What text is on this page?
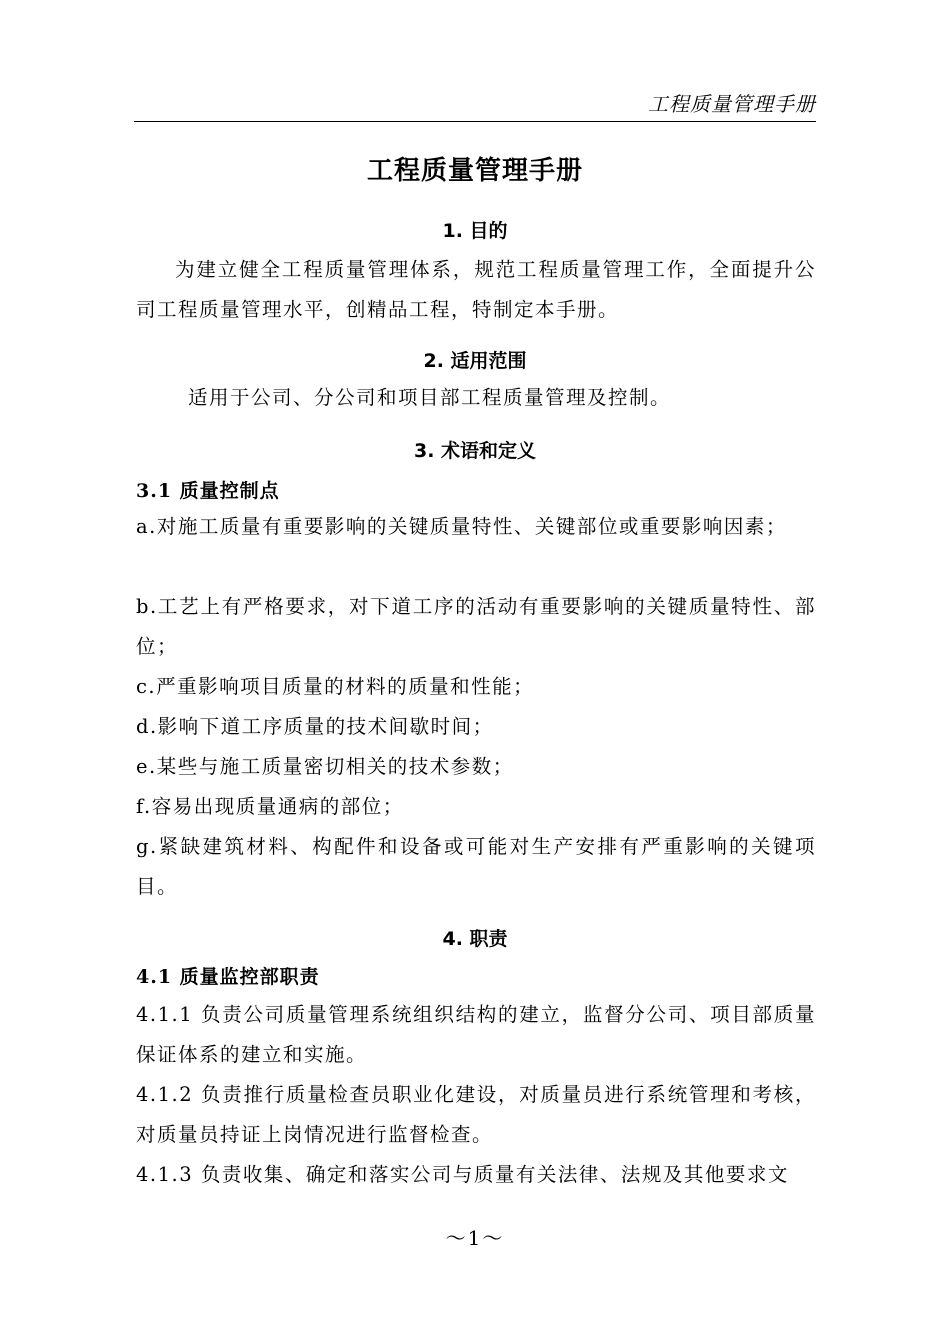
工程质量管理手册
工程质量管理手册
1. 目的
为建立健全工程质量管理体系，规范工程质量管理工作，全面提升公司工程质量管理水平，创精品工程，特制定本手册。
2. 适用范围
适用于公司、分公司和项目部工程质量管理及控制。
3. 术语和定义
3.1 质量控制点
a.对施工质量有重要影响的关键质量特性、关键部位或重要影响因素；
b.工艺上有严格要求，对下道工序的活动有重要影响的关键质量特性、部位；
c.严重影响项目质量的材料的质量和性能；
d.影响下道工序质量的技术间歇时间；
e.某些与施工质量密切相关的技术参数；
f.容易出现质量通病的部位；
g.紧缺建筑材料、构配件和设备或可能对生产安排有严重影响的关键项目。
4. 职责
4.1 质量监控部职责
4.1.1 负责公司质量管理系统组织结构的建立，监督分公司、项目部质量保证体系的建立和实施。
4.1.2 负责推行质量检查员职业化建设，对质量员进行系统管理和考核，对质量员持证上岗情况进行监督检查。
4.1.3 负责收集、确定和落实公司与质量有关法律、法规及其他要求文
～1～
